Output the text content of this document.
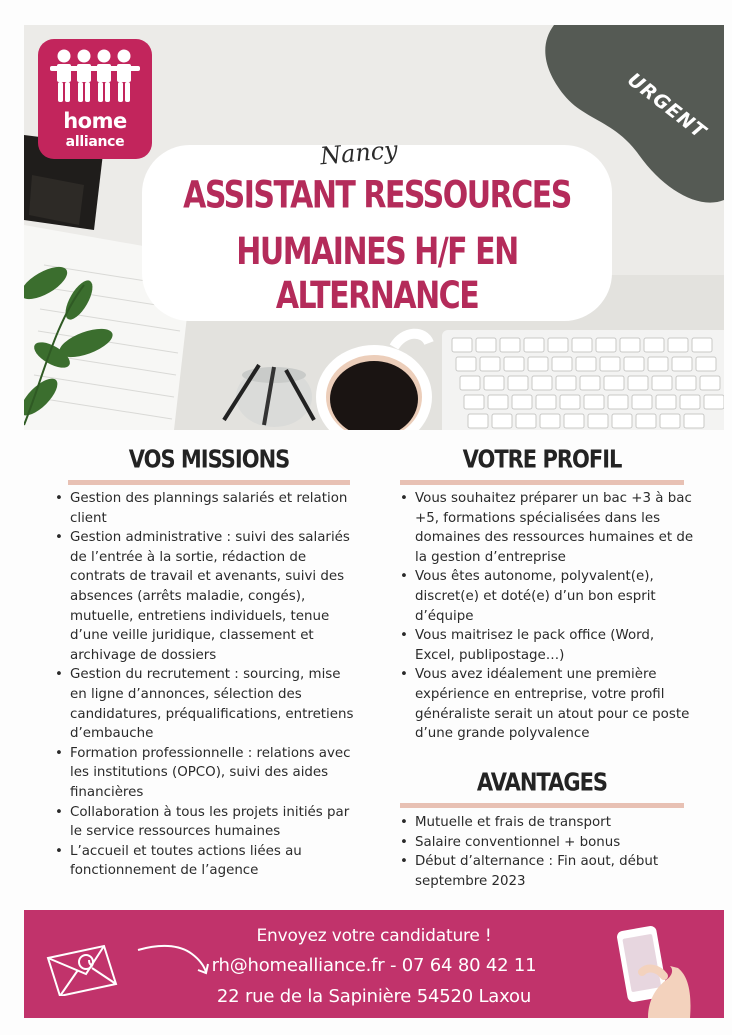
home
alliance	URGENT
Nancy
ASSISTANT RESSOURCES
HUMAINES H/F EN ALTERNANCE
VOS MISSIONS
• Gestion des plannings salariés et relation client
• Gestion administrative : suivi des salariés de l’entrée à la sortie, rédaction de contrats de travail et avenants, suivi des absences (arrêts maladie, congés), mutuelle, entretiens individuels, tenue d’une veille juridique, classement et archivage de dossiers
• Gestion du recrutement : sourcing, mise en ligne d’annonces, sélection des candidatures, préqualifications, entretiens d’embauche
• Formation professionnelle : relations avec les institutions (OPCO), suivi des aides financières
• Collaboration à tous les projets initiés par le service ressources humaines
• L’accueil et toutes actions liées au fonctionnement de l’agence
VOTRE PROFIL
• Vous souhaitez préparer un bac +3 à bac +5, formations spécialisées dans les domaines des ressources humaines et de la gestion d’entreprise
• Vous êtes autonome, polyvalent(e), discret(e) et doté(e) d’un bon esprit d’équipe
• Vous maitrisez le pack office (Word, Excel, publipostage…)
• Vous avez idéalement une première expérience en entreprise, votre profil généraliste serait un atout pour ce poste d’une grande polyvalence
AVANTAGES
• Mutuelle et frais de transport
• Salaire conventionnel + bonus
• Début d’alternance : Fin aout, début septembre 2023
Envoyez votre candidature !
rh@homealliance.fr - 07 64 80 42 11
22 rue de la Sapinière 54520 Laxou
